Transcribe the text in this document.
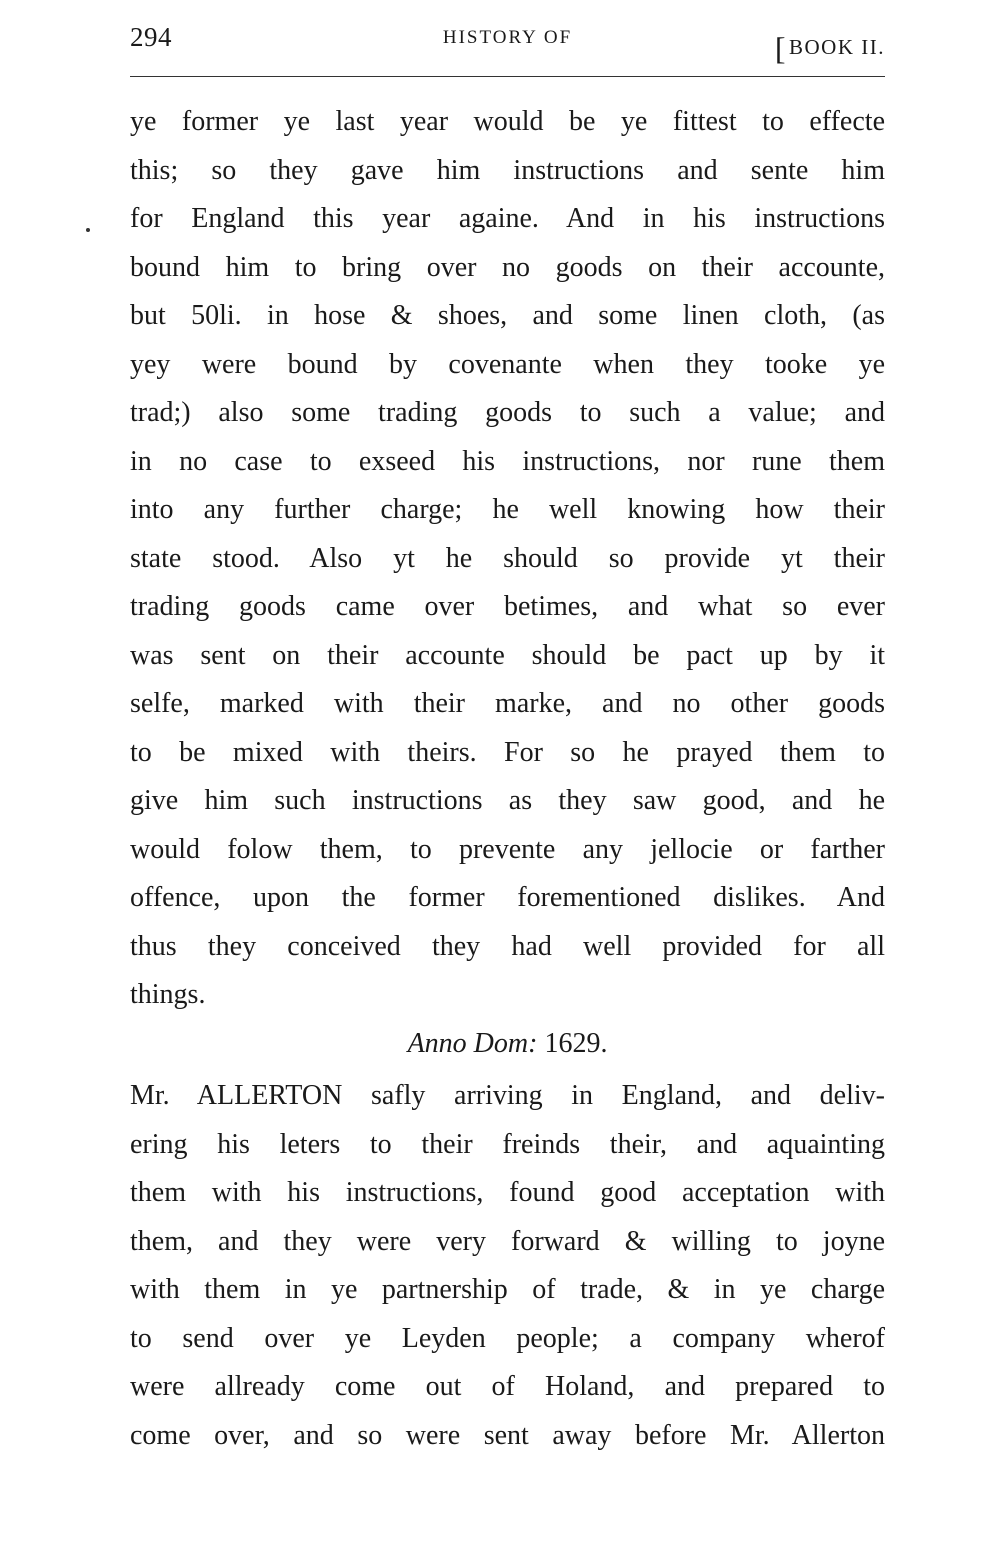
294	HISTORY OF	[BOOK II.
ye former ye last year would be ye fittest to effecte
this; so they gave him instructions and sente him
for England this year againe. And in his instructions
bound him to bring over no goods on their accounte,
but 50li. in hose & shoes, and some linen cloth, (as
yey were bound by covenante when they tooke ye
trad;) also some trading goods to such a value; and
in no case to exseed his instructions, nor rune them
into any further charge; he well knowing how their
state stood. Also yt he should so provide yt their
trading goods came over betimes, and what so ever
was sent on their accounte should be pact up by it
selfe, marked with their marke, and no other goods
to be mixed with theirs. For so he prayed them to
give him such instructions as they saw good, and he
would folow them, to prevente any jellocie or farther
offence, upon the former forementioned dislikes. And
thus they conceived they had well provided for all
things.
Anno Dom: 1629.
Mr. ALLERTON safly arriving in England, and deliv-
ering his leters to their freinds their, and aquainting
them with his instructions, found good acceptation with
them, and they were very forward & willing to joyne
with them in ye partnership of trade, & in ye charge
to send over ye Leyden people; a company wherof
were allready come out of Holand, and prepared to
come over, and so were sent away before Mr. Allerton
